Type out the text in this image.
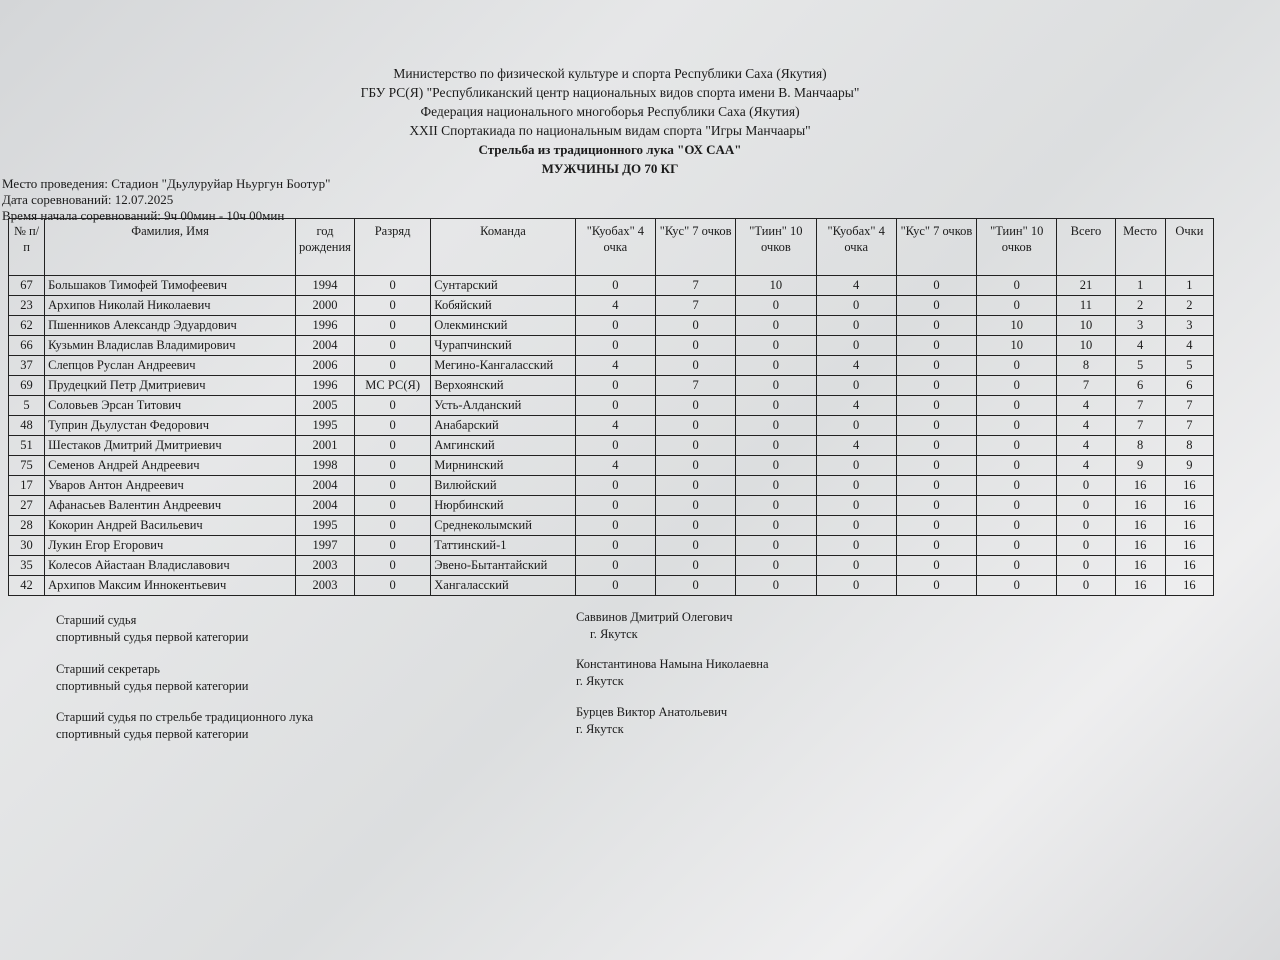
Министерство по физической культуре и спорта Республики Саха (Якутия)
ГБУ РС(Я) "Республиканский центр национальных видов спорта имени В. Манчаары"
Федерация национального многоборья Республики Саха (Якутия)
XXII Спортакиада по национальным видам спорта "Игры Манчаары"
Стрельба из традиционного лука "ОХ СAA"
МУЖЧИНЫ ДО 70 КГ
Место проведения: Стадион "Дьулуруйар Ньургун Боотур"
Дата соревнований: 12.07.2025
Время начала соревнований: 9ч 00мин - 10ч 00мин
№ п/п	Фамилия, Имя	год рождения	Разряд	Команда	"Куобах" 4 очка	"Кус" 7 очков	"Тиин" 10 очков	"Куобах" 4 очка	"Кус" 7 очков	"Тиин" 10 очков	Всего	Место	Очки
67	Большаков Тимофей Тимофеевич	1994	0	Сунтарский	0	7	10	4	0	0	21	1	1
23	Архипов Николай Николаевич	2000	0	Кобяйский	4	7	0	0	0	0	11	2	2
62	Пшенников Александр Эдуардович	1996	0	Олекминский	0	0	0	0	0	10	10	3	3
66	Кузьмин Владислав Владимирович	2004	0	Чурапчинский	0	0	0	0	0	10	10	4	4
37	Слепцов Руслан Андреевич	2006	0	Мегино-Кангаласский	4	0	0	4	0	0	8	5	5
69	Прудецкий Петр Дмитриевич	1996	МС РС(Я)	Верхоянский	0	7	0	0	0	0	7	6	6
5	Соловьев Эрсан Титович	2005	0	Усть-Алданский	0	0	0	4	0	0	4	7	7
48	Туприн Дьулустан Федорович	1995	0	Анабарский	4	0	0	0	0	0	4	7	7
51	Шестаков Дмитрий Дмитриевич	2001	0	Амгинский	0	0	0	4	0	0	4	8	8
75	Семенов Андрей Андреевич	1998	0	Мирнинский	4	0	0	0	0	0	4	9	9
17	Уваров Антон Андреевич	2004	0	Вилюйский	0	0	0	0	0	0	0	16	16
27	Афанасьев Валентин Андреевич	2004	0	Нюрбинский	0	0	0	0	0	0	0	16	16
28	Кокорин Андрей Васильевич	1995	0	Среднеколымский	0	0	0	0	0	0	0	16	16
30	Лукин Егор Егорович	1997	0	Таттинский-1	0	0	0	0	0	0	0	16	16
35	Колесов Айастаан Владиславович	2003	0	Эвено-Бытантайский	0	0	0	0	0	0	0	16	16
42	Архипов Максим Иннокентьевич	2003	0	Хангаласский	0	0	0	0	0	0	0	16	16
Старший судья
спортивный судья первой категории
Саввинов Дмитрий Олегович
г. Якутск
Старший секретарь
спортивный судья первой категории
Константинова Намына Николаевна
г. Якутск
Старший судья по стрельбе традиционного лука
спортивный судья первой категории
Бурцев Виктор Анатольевич
г. Якутск
